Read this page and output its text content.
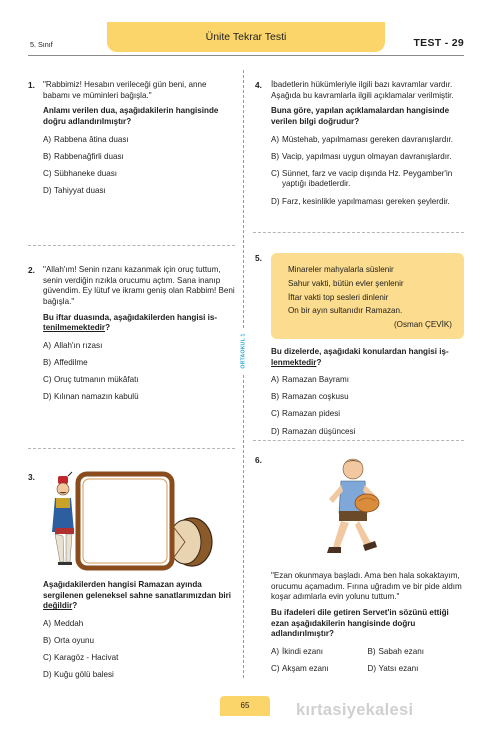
5. Sınıf
Ünite Tekrar Testi	TEST - 29
ORTAOKUL 1
1. "Rabbimiz! Hesabın verileceği gün beni, anne babamı ve müminleri bağışla."
Anlamı verilen dua, aşağıdakilerin hangisinde doğru adlandırılmıştır?
A) Rabbena âtina duası
B) Rabbenağfirli duası
C) Sübhaneke duası
D) Tahiyyat duası
2. "Allah'ım! Senin rızanı kazanmak için oruç tuttum, senin verdiğin rızıkla orucumu açtım. Sana inanıp güvendim. Ey lütuf ve ikramı geniş olan Rabbim! Beni bağışla."
Bu iftar duasında, aşağıdakilerden hangisi is-tenilmemektedir?
A) Allah'ın rızası
B) Affedilme
C) Oruç tutmanın mükâfatı
D) Kılınan namazın kabulü
3.
Aşağıdakilerden hangisi Ramazan ayında sergilenen geleneksel sahne sanatlarımızdan biri değildir?
A) Meddah
B) Orta oyunu
C) Karagöz - Hacivat
D) Kuğu gölü balesi
4. İbadetlerin hükümleriyle ilgili bazı kavramlar vardır. Aşağıda bu kavramlarla ilgili açıklamalar verilmiştir.
Buna göre, yapılan açıklamalardan hangisinde verilen bilgi doğrudur?
A) Müstehab, yapılmaması gereken davranışlardır.
B) Vacip, yapılması uygun olmayan davranışlardır.
C) Sünnet, farz ve vacip dışında Hz. Peygamber'in yaptığı ibadetlerdir.
D) Farz, kesinlikle yapılmaması gereken şeylerdir.
5.
Minareler mahyalarla süslenir
Sahur vakti, bütün evler şenlenir
İftar vakti top sesleri dinlenir
On bir ayın sultanıdır Ramazan.
(Osman ÇEVİK)
Bu dizelerde, aşağıdaki konulardan hangisi iş-lenmektedir?
A) Ramazan Bayramı
B) Ramazan coşkusu
C) Ramazan pidesi
D) Ramazan düşüncesi
6.
"Ezan okunmaya başladı. Ama ben hala sokaktayım, orucumu açamadım. Fırına uğradım ve bir pide aldım koşar adımlarla evin yolunu tuttum."
Bu ifadeleri dile getiren Servet'in sözünü ettiği ezan aşağıdakilerin hangisinde doğru adlandırılmıştır?
A) İkindi ezanı	B) Sabah ezanı
C) Akşam ezanı	D) Yatsı ezanı
65	kırtasiyekalesi
